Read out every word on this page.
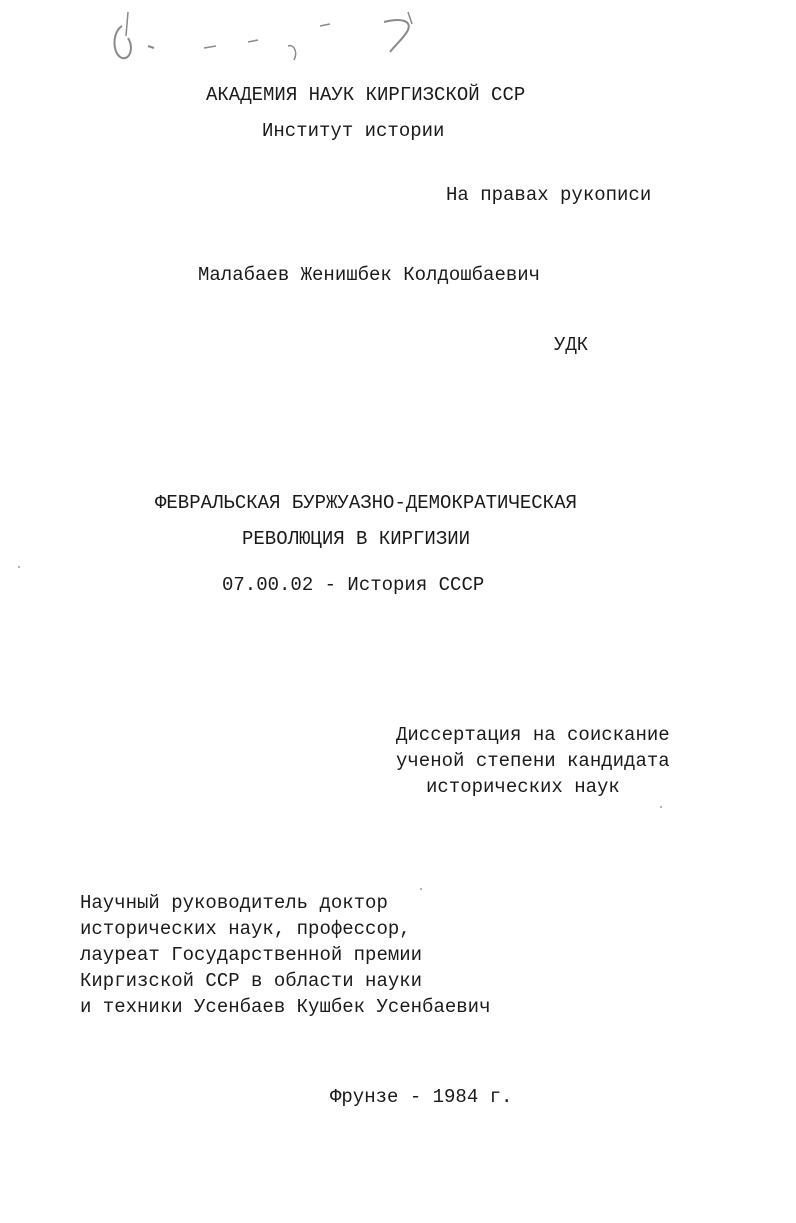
АКАДЕМИЯ НАУК КИРГИЗСКОЙ ССР
Институт истории
На правах рукописи
Малабаев Женишбек Колдошбаевич
УДК
ФЕВРАЛЬСКАЯ БУРЖУАЗНО-ДЕМОКРАТИЧЕСКАЯ
РЕВОЛЮЦИЯ В КИРГИЗИИ
07.00.02 - История СССР
Диссертация на соискание
ученой степени кандидата
исторических наук
Научный руководитель доктор
исторических наук, профессор,
лауреат Государственной премии
Киргизской ССР в области науки
и техники Усенбаев Кушбек Усенбаевич
Фрунзе - 1984 г.
